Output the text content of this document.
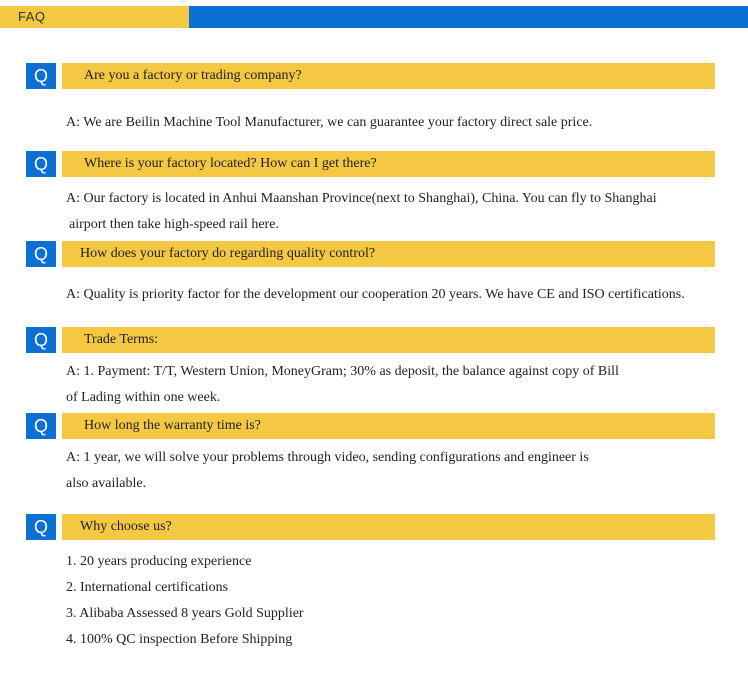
FAQ
Q	Are you a factory or trading company?
A: We are Beilin Machine Tool Manufacturer, we can guarantee your factory direct sale price.
Q	Where is your factory located? How can I get there?
A: Our factory is located in Anhui Maanshan Province(next to Shanghai), China. You can fly to Shanghai
airport then take high-speed rail here.
Q	How does your factory do regarding quality control?
A: Quality is priority factor for the development our cooperation 20 years. We have CE and ISO certifications.
Q	Trade Terms:
A: 1. Payment: T/T, Western Union, MoneyGram; 30% as deposit, the balance against copy of Bill
of Lading within one week.
Q	How long the warranty time is?
A: 1 year, we will solve your problems through video, sending configurations and engineer is
also available.
Q	Why choose us?
1. 20 years producing experience
2. International certifications
3. Alibaba Assessed 8 years Gold Supplier
4. 100% QC inspection Before Shipping
